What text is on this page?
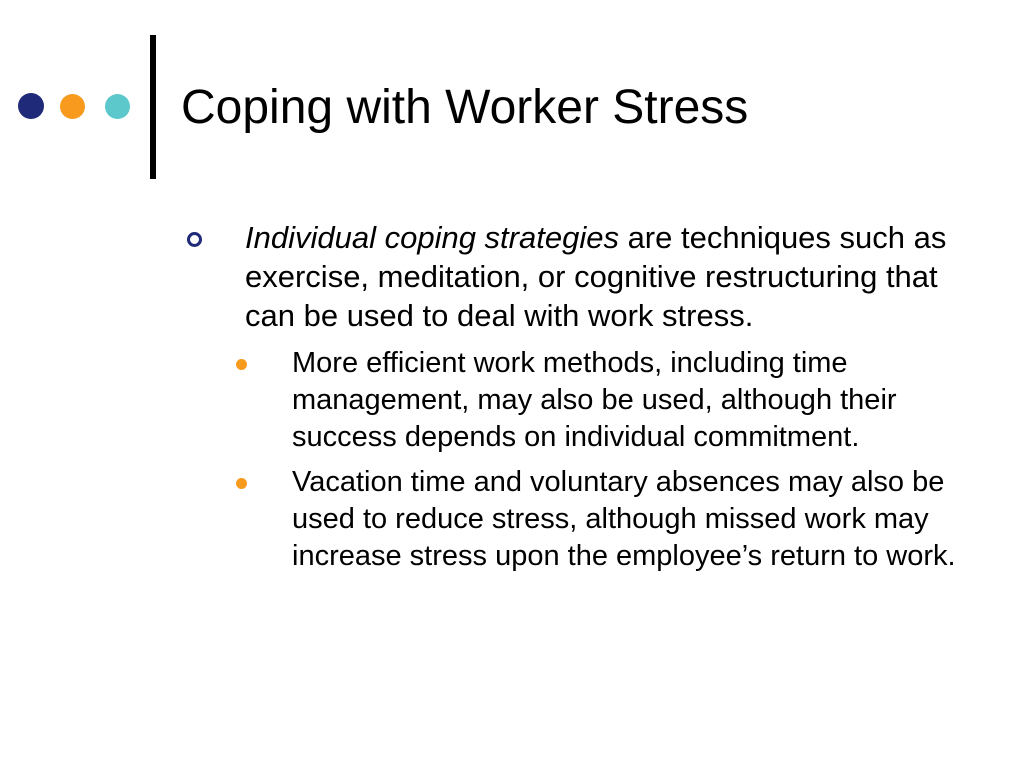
Coping with Worker Stress
Individual coping strategies are techniques such as exercise, meditation, or cognitive restructuring that can be used to deal with work stress.
More efficient work methods, including time management, may also be used, although their success depends on individual commitment.
Vacation time and voluntary absences may also be used to reduce stress, although missed work may increase stress upon the employee’s return to work.
